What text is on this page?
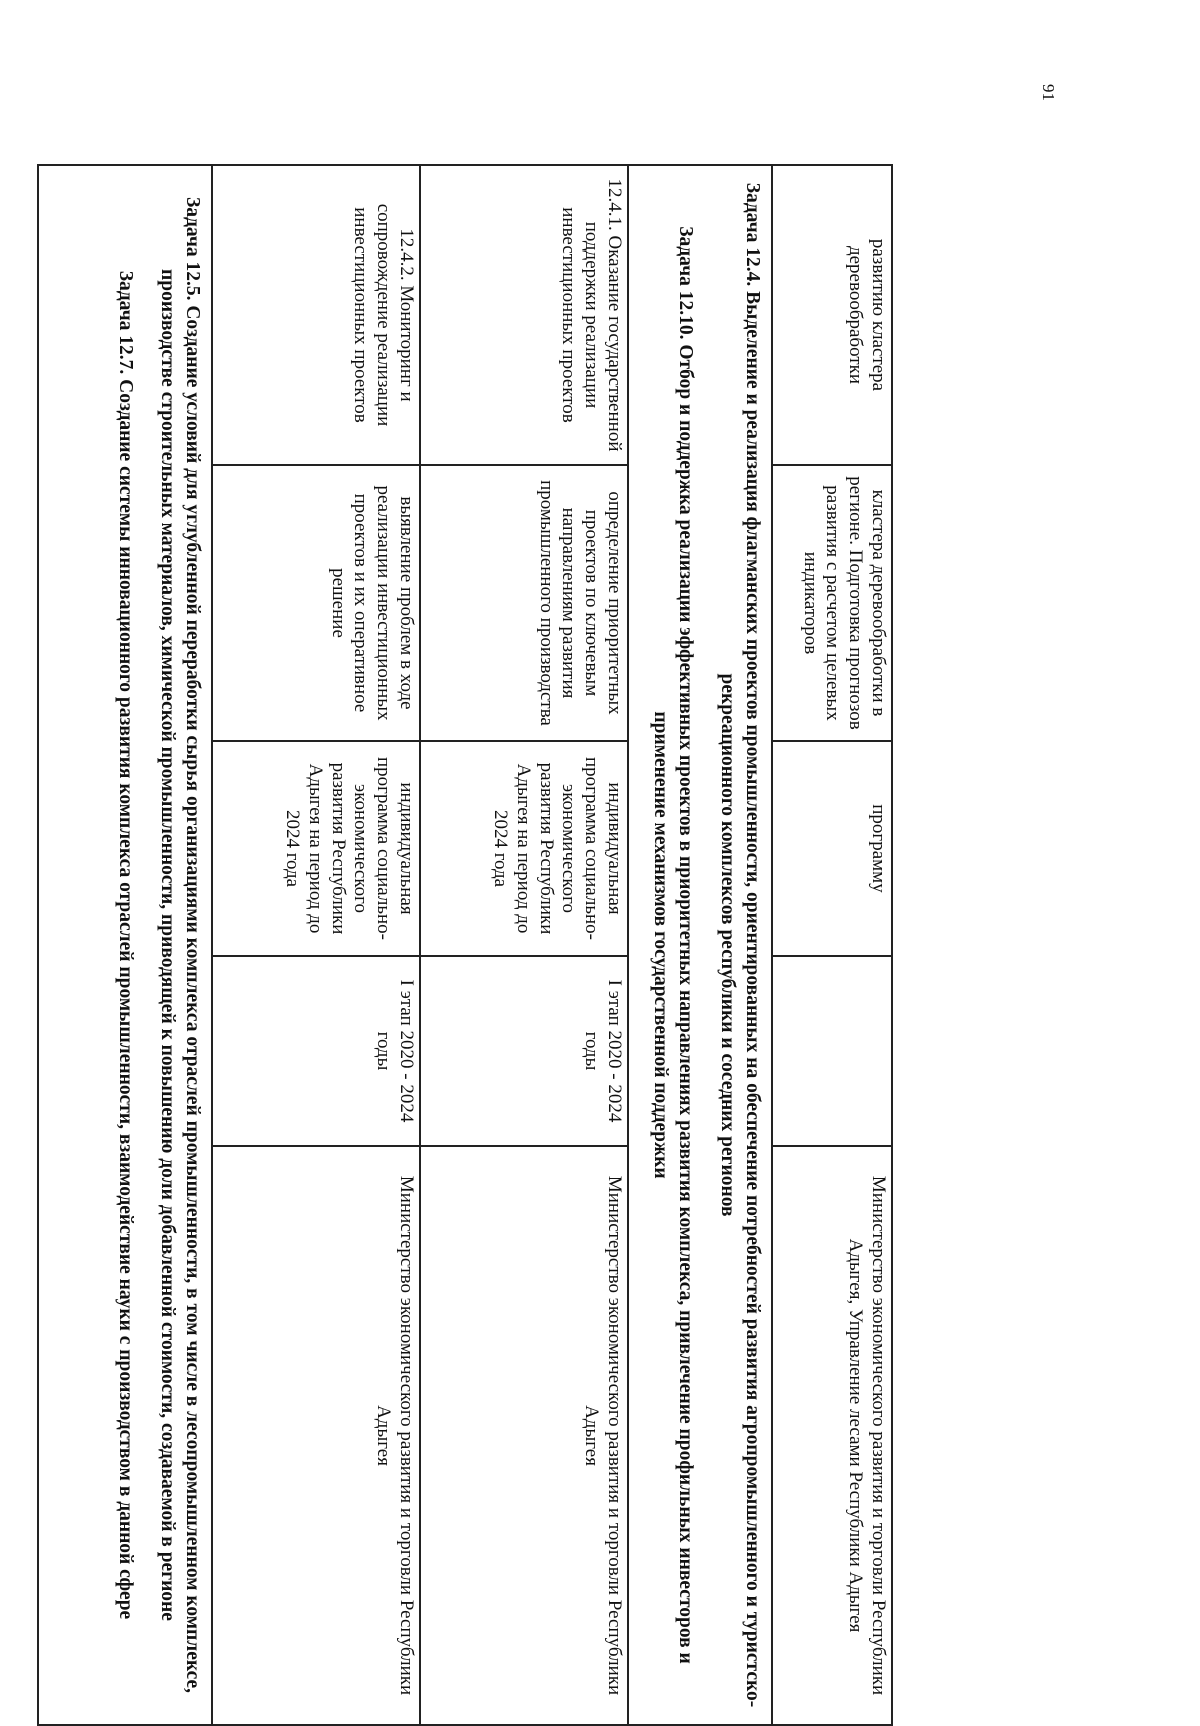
91
развитию кластера деревообработки	кластера деревообработки в регионе. Подготовка прогнозов развития с расчетом целевых индикаторов	программу		Министерство экономического развития и торговли Республики Адыгея, Управление лесами Республики Адыгея

Задача 12.4. Выделение и реализация флагманских проектов промышленности, ориентированных на обеспечение потребностей развития агропромышленного и туристско-рекреационного комплексов республики и соседних регионов
Задача 12.10. Отбор и поддержка реализации эффективных проектов в приоритетных направлениях развития комплекса, привлечение профильных инвесторов и применение механизмов государственной поддержки				

12.4.1. Оказание государственной поддержки реализации инвестиционных проектов	определение приоритетных проектов по ключевым направлениям развития промышленного производства	индивидуальная программа социально-экономического развития Республики Адыгея на период до 2024 года	I этап 2020 - 2024 годы	Министерство экономического развития и торговли Республики Адыгея
12.4.2. Мониторинг и сопровождение реализации инвестиционных проектов	выявление проблем в ходе реализации инвестиционных проектов и их оперативное решение	индивидуальная программа социально-экономического развития Республики Адыгея на период до 2024 года	I этап 2020 - 2024 годы	Министерство экономического развития и торговли Республики Адыгея

Задача 12.5. Создание условий для углубленной переработки сырья организациями комплекса отраслей промышленности, в том числе в лесопромышленном комплексе, производстве строительных материалов, химической промышленности, приводящей к повышению доли добавленной стоимости, создаваемой в регионе
Задача 12.7. Создание системы инновационного развития комплекса отраслей промышленности, взаимодействие науки с производством в данной сфере				
